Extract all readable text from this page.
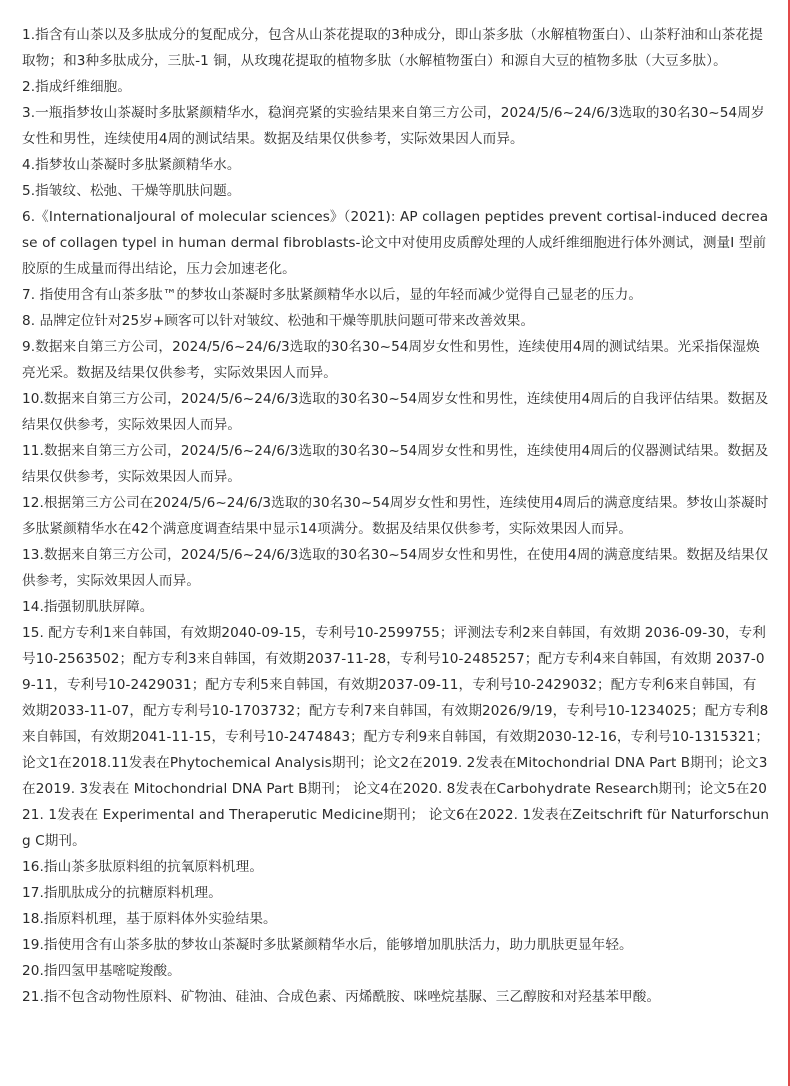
1.指含有山茶以及多肽成分的复配成分，包含从山茶花提取的3种成分，即山茶多肽（水解植物蛋白）、山茶籽油和山茶花提取物；和3种多肽成分，三肽-1 铜，从玫瑰花提取的植物多肽（水解植物蛋白）和源自大豆的植物多肽（大豆多肽）。
2.指成纤维细胞。
3.一瓶指梦妆山茶凝时多肽紧颜精华水，稳润亮紧的实验结果来自第三方公司，2024/5/6~24/6/3选取的30名30~54周岁女性和男性，连续使用4周的测试结果。数据及结果仅供参考，实际效果因人而异。
4.指梦妆山茶凝时多肽紧颜精华水。
5.指皱纹、松弛、干燥等肌肤问题。
6.《Internationaljoural of molecular sciences》（2021): AP collagen peptides prevent cortisal-induced decrease of collagen typel in human dermal fibroblasts-论文中对使用皮质醇处理的人成纤维细胞进行体外测试，测量I 型前胶原的生成量而得出结论，压力会加速老化。
7. 指使用含有山茶多肽™的梦妆山茶凝时多肽紧颜精华水以后，显的年轻而减少觉得自己显老的压力。
8. 品牌定位针对25岁+顾客可以针对皱纹、松弛和干燥等肌肤问题可带来改善效果。
9.数据来自第三方公司，2024/5/6~24/6/3选取的30名30~54周岁女性和男性，连续使用4周的测试结果。光采指保湿焕亮光采。数据及结果仅供参考，实际效果因人而异。
10.数据来自第三方公司，2024/5/6~24/6/3选取的30名30~54周岁女性和男性，连续使用4周后的自我评估结果。数据及结果仅供参考，实际效果因人而异。
11.数据来自第三方公司，2024/5/6~24/6/3选取的30名30~54周岁女性和男性，连续使用4周后的仪器测试结果。数据及结果仅供参考，实际效果因人而异。
12.根据第三方公司在2024/5/6~24/6/3选取的30名30~54周岁女性和男性，连续使用4周后的满意度结果。梦妆山茶凝时多肽紧颜精华水在42个满意度调查结果中显示14项满分。数据及结果仅供参考，实际效果因人而异。
13.数据来自第三方公司，2024/5/6~24/6/3选取的30名30~54周岁女性和男性，在使用4周的满意度结果。数据及结果仅供参考，实际效果因人而异。
14.指强韧肌肤屏障。
15. 配方专利1来自韩国，有效期2040-09-15，专利号10-2599755；评测法专利2来自韩国，有效期 2036-09-30，专利号10-2563502；配方专利3来自韩国，有效期2037-11-28，专利号10-2485257；配方专利4来自韩国，有效期 2037-09-11，专利号10-2429031；配方专利5来自韩国，有效期2037-09-11，专利号10-2429032；配方专利6来自韩国，有效期2033-11-07，配方专利号10-1703732；配方专利7来自韩国，有效期2026/9/19，专利号10-1234025；配方专利8来自韩国，有效期2041-11-15，专利号10-2474843；配方专利9来自韩国，有效期2030-12-16，专利号10-1315321；论文1在2018.11发表在Phytochemical Analysis期刊；论文2在2019. 2发表在Mitochondrial DNA Part B期刊；论文3在2019. 3发表在 Mitochondrial DNA Part B期刊； 论文4在2020. 8发表在Carbohydrate Research期刊；论文5在2021. 1发表在 Experimental and Theraperutic Medicine期刊； 论文6在2022. 1发表在Zeitschrift für Naturforschung C期刊。
16.指山茶多肽原料组的抗氧原料机理。
17.指肌肽成分的抗糖原料机理。
18.指原料机理，基于原料体外实验结果。
19.指使用含有山茶多肽的梦妆山茶凝时多肽紧颜精华水后，能够增加肌肤活力，助力肌肤更显年轻。
20.指四氢甲基嘧啶羧酸。
21.指不包含动物性原料、矿物油、硅油、合成色素、丙烯酰胺、咪唑烷基脲、三乙醇胺和对羟基苯甲酸。
